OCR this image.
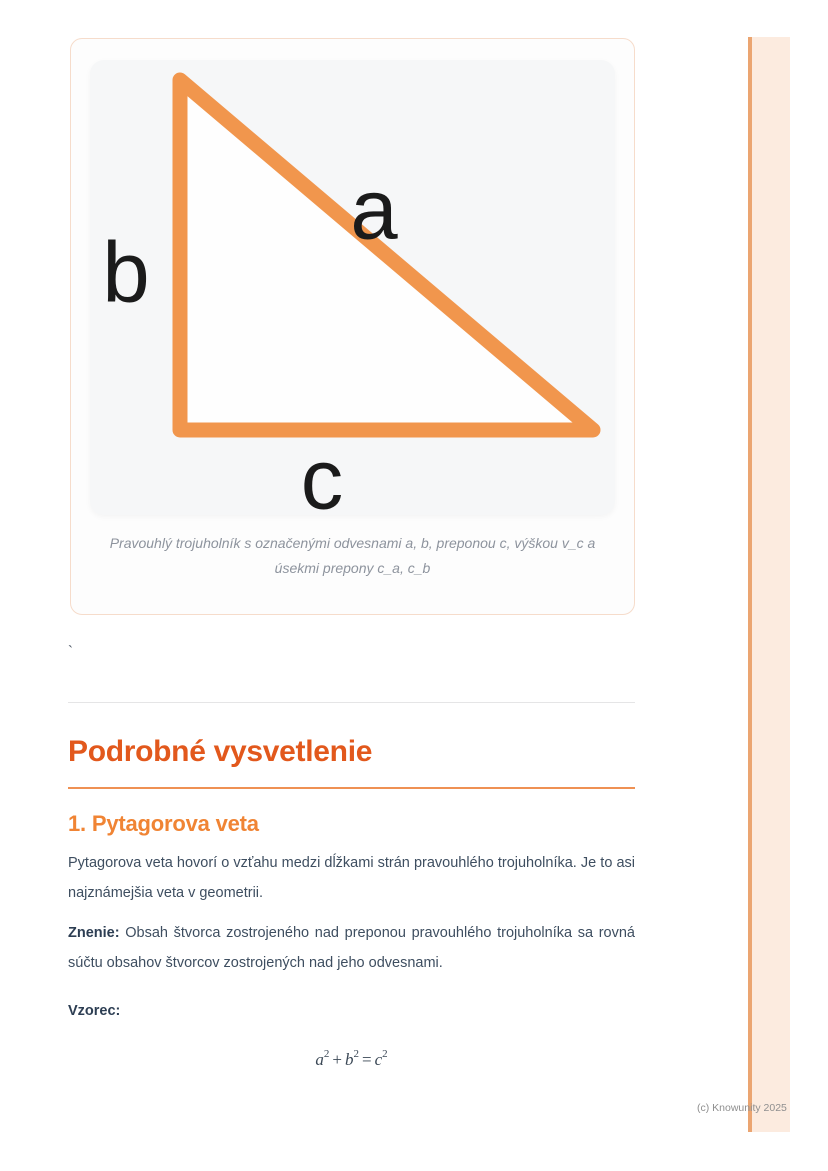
a
b
c
Pravouhlý trojuholník s označenými odvesnami a, b, preponou c, výškou v_c a úsekmi prepony c_a, c_b
`
Podrobné vysvetlenie
1. Pytagorova veta
Pytagorova veta hovorí o vzťahu medzi dĺžkami strán pravouhlého trojuholníka. Je to asi najznámejšia veta v geometrii.
Znenie: Obsah štvorca zostrojeného nad preponou pravouhlého trojuholníka sa rovná súčtu obsahov štvorcov zostrojených nad jeho odvesnami.
Vzorec:
$a^2 + b^2 = c^2$
(c) Knowunity 2025
